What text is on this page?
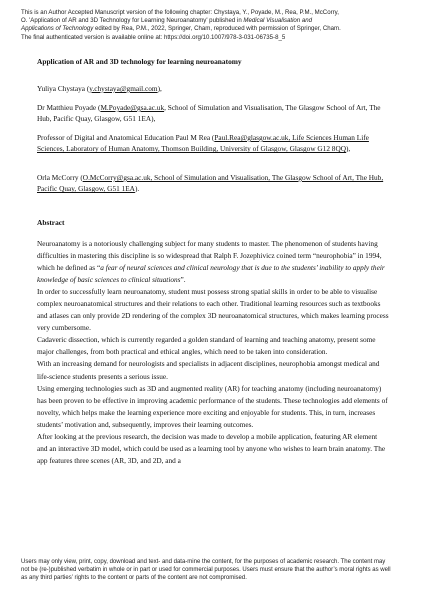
This is an Author Accepted Manuscript version of the following chapter: Chystaya, Y., Poyade, M., Rea, P.M., McCorry,
O. 'Application of AR and 3D Technology for Learning Neuroanatomy' published in Medical Visualisation and
Applications of Technology edited by Rea, P.M., 2022, Springer, Cham, reproduced with permission of Springer, Cham.
The final authenticated version is available online at: https://doi.org/10.1007/978-3-031-06735-8_5
Application of AR and 3D technology for learning neuroanatomy
Yuliya Chystaya (y.chystaya@gmail.com),
Dr Matthieu Poyade (M.Poyade@gsa.ac.uk, School of Simulation and Visualisation, The Glasgow School of Art, The Hub, Pacific Quay, Glasgow, G51 1EA),
Professor of Digital and Anatomical Education Paul M Rea (Paul.Rea@glasgow.ac.uk, Life Sciences Human Life Sciences, Laboratory of Human Anatomy, Thomson Building, University of Glasgow, Glasgow G12 8QQ),
Orla McCorry (O.McCorry@gsa.ac.uk, School of Simulation and Visualisation, The Glasgow School of Art, The Hub, Pacific Quay, Glasgow, G51 1EA).
Abstract

Neuroanatomy is a notoriously challenging subject for many students to master. The phenomenon of students having difficulties in mastering this discipline is so widespread that Ralph F. Jozephivicz coined term “neurophobia” in 1994, which he defined as “a fear of neural sciences and clinical neurology that is due to the students’ inability to apply their knowledge of basic sciences to clinical situations”.

In order to successfully learn neuroanatomy, student must possess strong spatial skills in order to be able to visualise complex neuroanatomical structures and their relations to each other. Traditional learning resources such as textbooks and atlases can only provide 2D rendering of the complex 3D neuroanatomical structures, which makes learning process very cumbersome.

Cadaveric dissection, which is currently regarded a golden standard of learning and teaching anatomy, present some major challenges, from both practical and ethical angles, which need to be taken into consideration.

With an increasing demand for neurologists and specialists in adjacent disciplines, neurophobia amongst medical and life-science students presents a serious issue.

Using emerging technologies such as 3D and augmented reality (AR) for teaching anatomy (including neuroanatomy) has been proven to be effective in improving academic performance of the students. These technologies add elements of novelty, which helps make the learning experience more exciting and enjoyable for students. This, in turn, increases students’ motivation and, subsequently, improves their learning outcomes.

After looking at the previous research, the decision was made to develop a mobile application, featuring AR element and an interactive 3D model, which could be used as a learning tool by anyone who wishes to learn brain anatomy. The app features three scenes (AR, 3D, and 2D, and a

Users may only view, print, copy, download and text- and data-mine the content, for the purposes of academic research. The content may
not be (re-)published verbatim in whole or in part or used for commercial purposes. Users must ensure that the author’s moral rights as well
as any third parties’ rights to the content or parts of the content are not compromised.
